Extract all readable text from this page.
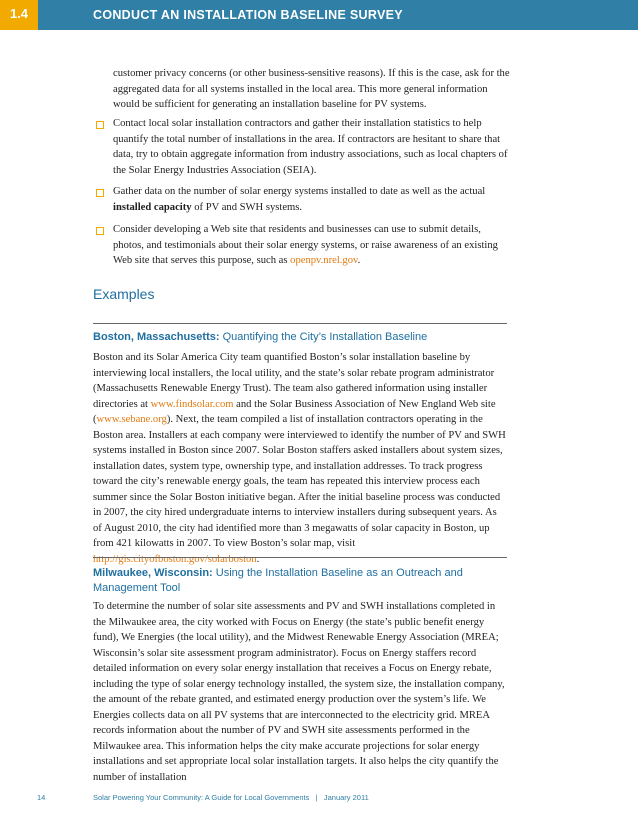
1.4	CONDUCT AN INSTALLATION BASELINE SURVEY
customer privacy concerns (or other business-sensitive reasons). If this is the case, ask for the aggregated data for all systems installed in the local area. This more general information would be sufficient for generating an installation baseline for PV systems.
Contact local solar installation contractors and gather their installation statistics to help quantify the total number of installations in the area. If contractors are hesitant to share that data, try to obtain aggregate information from industry associations, such as local chapters of the Solar Energy Industries Association (SEIA).
Gather data on the number of solar energy systems installed to date as well as the actual installed capacity of PV and SWH systems.
Consider developing a Web site that residents and businesses can use to submit details, photos, and testimonials about their solar energy systems, or raise awareness of an existing Web site that serves this purpose, such as openpv.nrel.gov.
Examples
Boston, Massachusetts: Quantifying the City’s Installation Baseline
Boston and its Solar America City team quantified Boston’s solar installation baseline by interviewing local installers, the local utility, and the state’s solar rebate program administrator (Massachusetts Renewable Energy Trust). The team also gathered information using installer directories at www.findsolar.com and the Solar Business Association of New England Web site (www.sebane.org). Next, the team compiled a list of installation contractors operating in the Boston area. Installers at each company were interviewed to identify the number of PV and SWH systems installed in Boston since 2007. Solar Boston staffers asked installers about system sizes, installation dates, system type, ownership type, and installation addresses. To track progress toward the city’s renewable energy goals, the team has repeated this interview process each summer since the Solar Boston initiative began. After the initial baseline process was conducted in 2007, the city hired undergraduate interns to interview installers during subsequent years. As of August 2010, the city had identified more than 3 megawatts of solar capacity in Boston, up from 421 kilowatts in 2007. To view Boston’s solar map, visit http://gis.cityofboston.gov/solarboston.
Milwaukee, Wisconsin: Using the Installation Baseline as an Outreach and Management Tool
To determine the number of solar site assessments and PV and SWH installations completed in the Milwaukee area, the city worked with Focus on Energy (the state’s public benefit energy fund), We Energies (the local utility), and the Midwest Renewable Energy Association (MREA; Wisconsin’s solar site assessment program administrator). Focus on Energy staffers record detailed information on every solar energy installation that receives a Focus on Energy rebate, including the type of solar energy technology installed, the system size, the installation company, the amount of the rebate granted, and estimated energy production over the system’s life. We Energies collects data on all PV systems that are interconnected to the electricity grid. MREA records information about the number of PV and SWH site assessments performed in the Milwaukee area. This information helps the city make accurate projections for solar energy installations and set appropriate local solar installation targets. It also helps the city quantify the number of installation
14	Solar Powering Your Community: A Guide for Local Governments | January 2011
